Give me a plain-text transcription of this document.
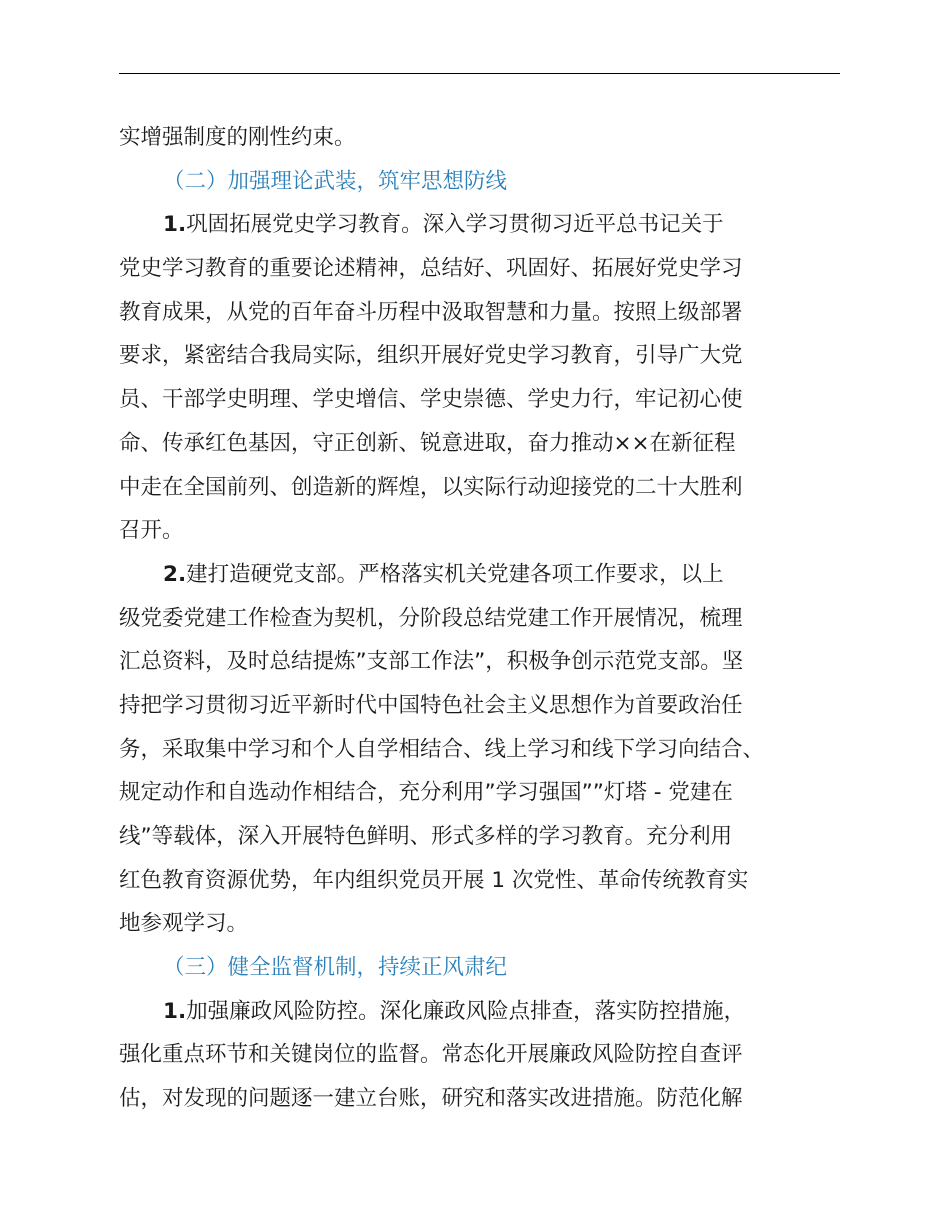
实增强制度的刚性约束。
（二）加强理论武装，筑牢思想防线
1.巩固拓展党史学习教育。深入学习贯彻习近平总书记关于
党史学习教育的重要论述精神，总结好、巩固好、拓展好党史学习
教育成果，从党的百年奋斗历程中汲取智慧和力量。按照上级部署
要求，紧密结合我局实际，组织开展好党史学习教育，引导广大党
员、干部学史明理、学史增信、学史崇德、学史力行，牢记初心使
命、传承红色基因，守正创新、锐意进取，奋力推动××在新征程
中走在全国前列、创造新的辉煌，以实际行动迎接党的二十大胜利
召开。
2.建打造硬党支部。严格落实机关党建各项工作要求，以上
级党委党建工作检查为契机，分阶段总结党建工作开展情况，梳理
汇总资料，及时总结提炼”支部工作法”，积极争创示范党支部。坚
持把学习贯彻习近平新时代中国特色社会主义思想作为首要政治任
务，采取集中学习和个人自学相结合、线上学习和线下学习向结合、
规定动作和自选动作相结合，充分利用”学习强国””灯塔 - 党建在
线”等载体，深入开展特色鲜明、形式多样的学习教育。充分利用
红色教育资源优势，年内组织党员开展 1 次党性、革命传统教育实
地参观学习。
（三）健全监督机制，持续正风肃纪
1.加强廉政风险防控。深化廉政风险点排查，落实防控措施，
强化重点环节和关键岗位的监督。常态化开展廉政风险防控自查评
估，对发现的问题逐一建立台账，研究和落实改进措施。防范化解
